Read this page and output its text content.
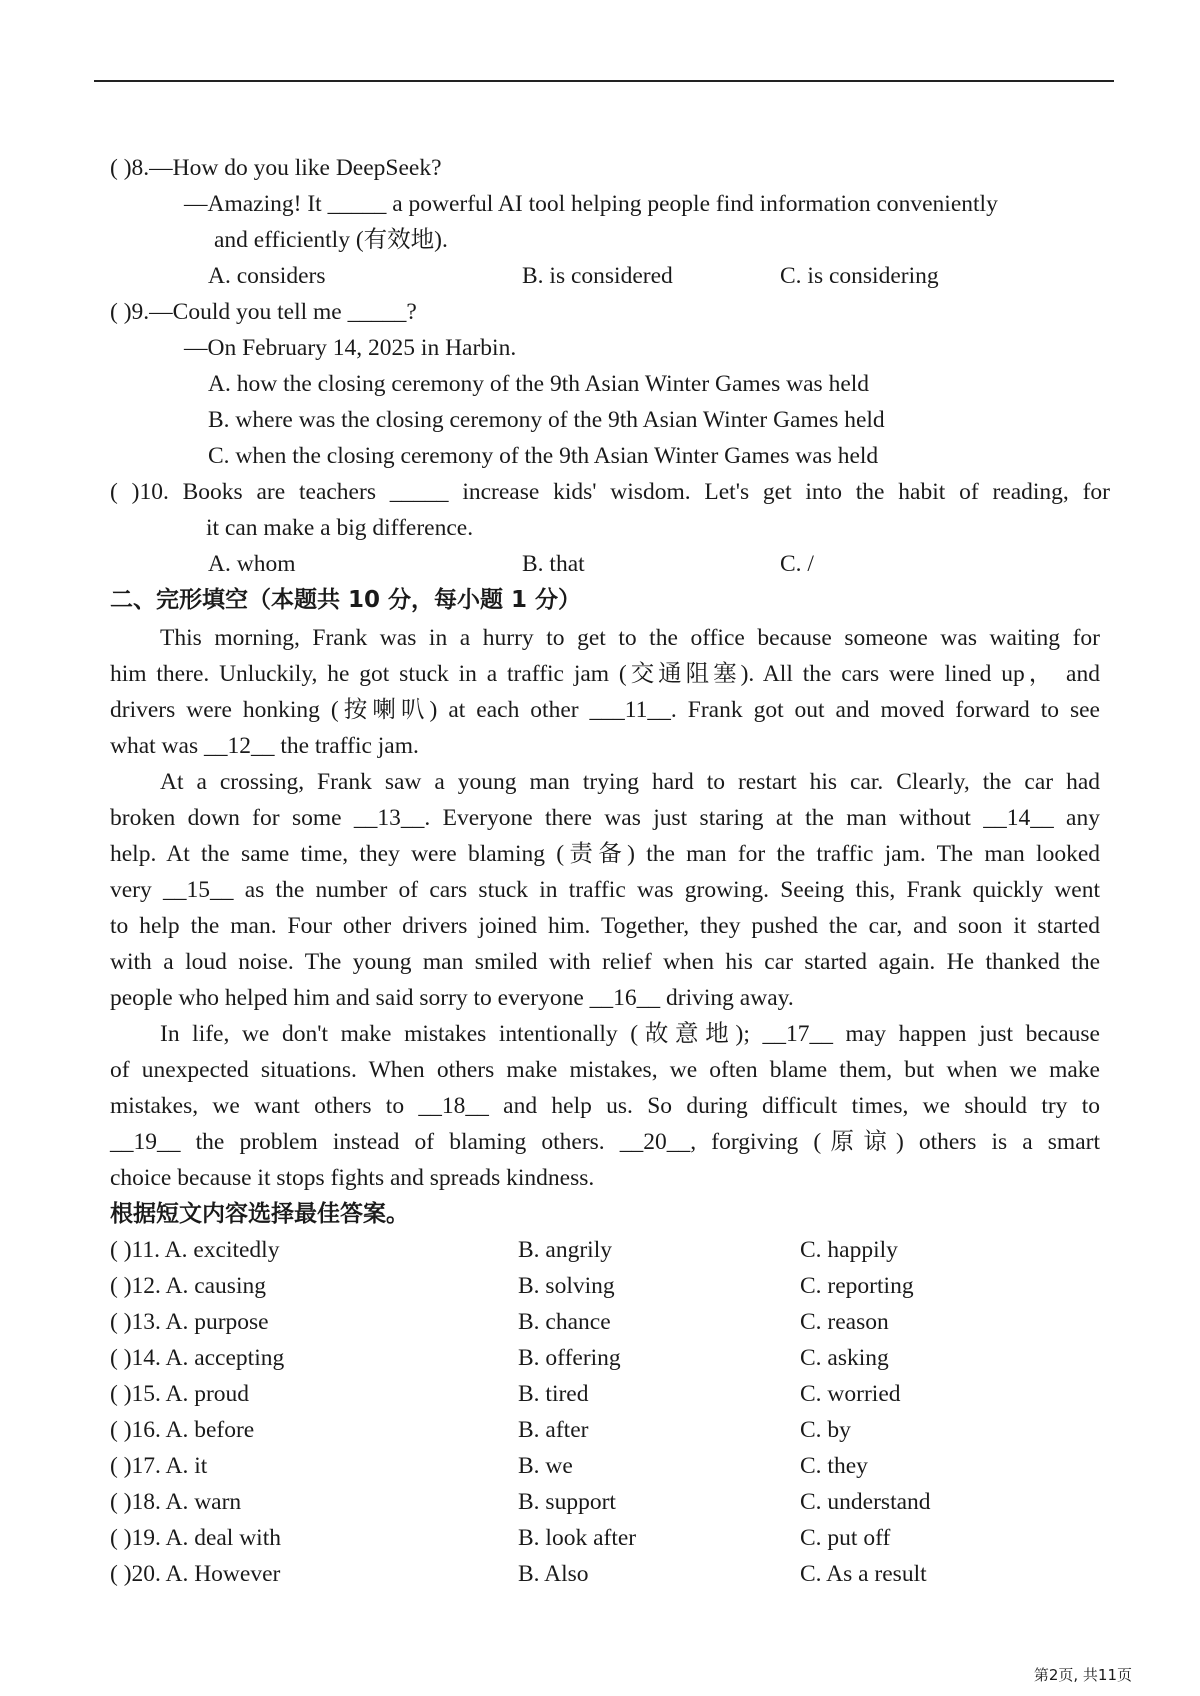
( )8.—How do you like DeepSeek?
—Amazing! It _____ a powerful AI tool helping people find information conveniently
and efficiently (有效地).
A. considers	B. is considered	C. is considering
( )9.—Could you tell me _____?
—On February 14, 2025 in Harbin.
A. how the closing ceremony of the 9th Asian Winter Games was held
B. where was the closing ceremony of the 9th Asian Winter Games held
C. when the closing ceremony of the 9th Asian Winter Games was held
( )10. Books are teachers _____ increase kids' wisdom. Let's get into the habit of reading, for
it can make a big difference.
A. whom	B. that	C. /
二、完形填空（本题共 10 分，每小题 1 分）
This morning, Frank was in a hurry to get to the office because someone was waiting for
him there. Unluckily, he got stuck in a traffic jam (交通阻塞). All the cars were lined up， and
drivers were honking (按喇叭) at each other ___11__. Frank got out and moved forward to see
what was __12__ the traffic jam.
At a crossing, Frank saw a young man trying hard to restart his car. Clearly, the car had
broken down for some __13__. Everyone there was just staring at the man without __14__ any
help. At the same time, they were blaming (责备) the man for the traffic jam. The man looked
very __15__ as the number of cars stuck in traffic was growing. Seeing this, Frank quickly went
to help the man. Four other drivers joined him. Together, they pushed the car, and soon it started
with a loud noise. The young man smiled with relief when his car started again. He thanked the
people who helped him and said sorry to everyone __16__ driving away.
In life, we don't make mistakes intentionally (故意地); __17__ may happen just because
of unexpected situations. When others make mistakes, we often blame them, but when we make
mistakes, we want others to __18__ and help us. So during difficult times, we should try to
__19__ the problem instead of blaming others. __20__, forgiving (原谅) others is a smart
choice because it stops fights and spreads kindness.
根据短文内容选择最佳答案。
( )11. A. excitedly	B. angrily	C. happily
( )12. A. causing	B. solving	C. reporting
( )13. A. purpose	B. chance	C. reason
( )14. A. accepting	B. offering	C. asking
( )15. A. proud	B. tired	C. worried
( )16. A. before	B. after	C. by
( )17. A. it	B. we	C. they
( )18. A. warn	B. support	C. understand
( )19. A. deal with	B. look after	C. put off
( )20. A. However	B. Also	C. As a result
第2页, 共11页
